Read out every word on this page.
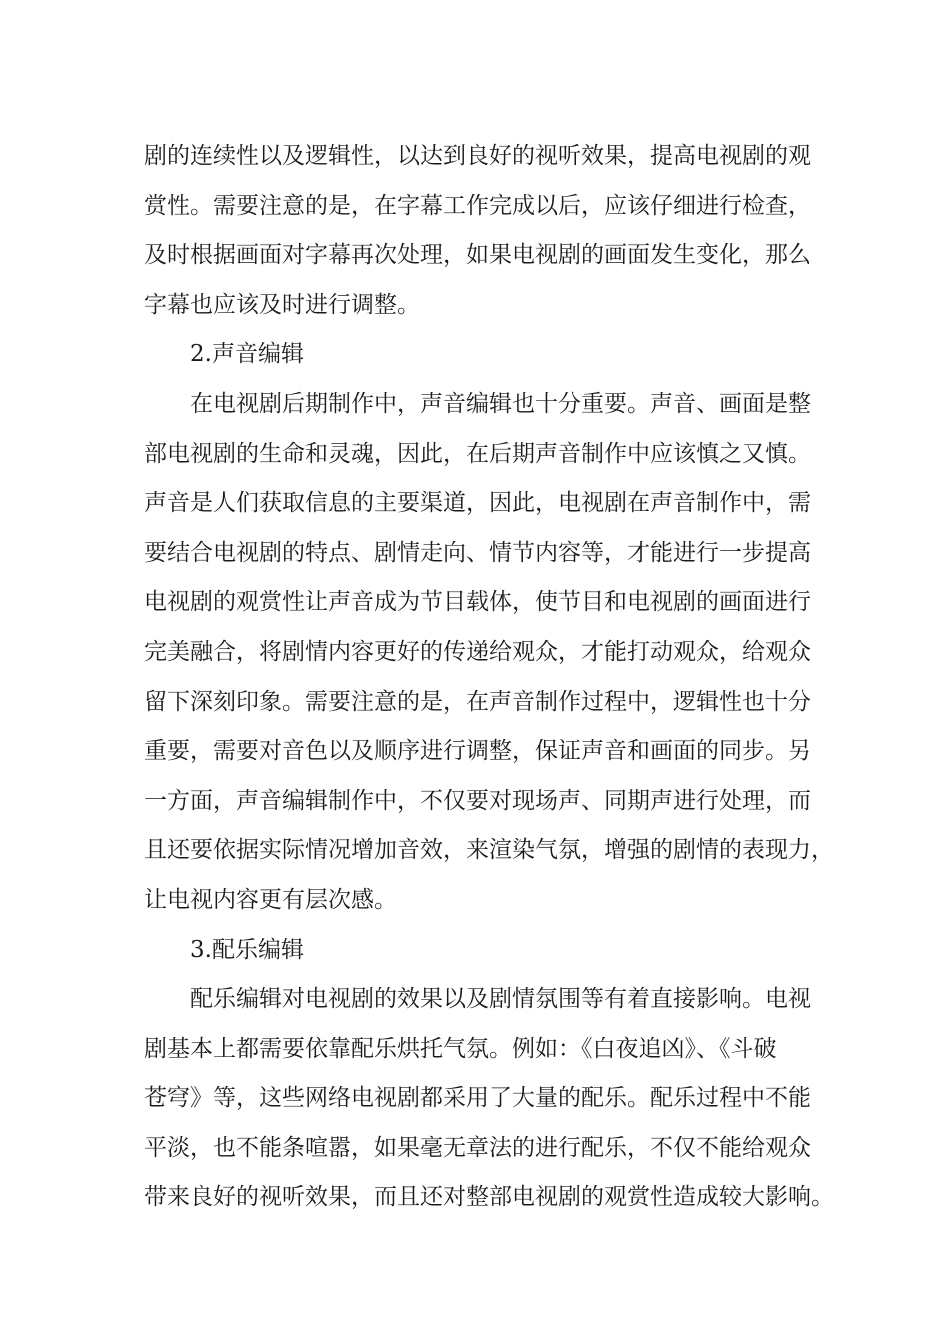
剧的连续性以及逻辑性，以达到良好的视听效果，提高电视剧的观
赏性。需要注意的是，在字幕工作完成以后，应该仔细进行检查，
及时根据画面对字幕再次处理，如果电视剧的画面发生变化，那么
字幕也应该及时进行调整。
2.声音编辑
在电视剧后期制作中，声音编辑也十分重要。声音、画面是整
部电视剧的生命和灵魂，因此，在后期声音制作中应该慎之又慎。
声音是人们获取信息的主要渠道，因此，电视剧在声音制作中，需
要结合电视剧的特点、剧情走向、情节内容等，才能进行一步提高
电视剧的观赏性让声音成为节目载体，使节目和电视剧的画面进行
完美融合，将剧情内容更好的传递给观众，才能打动观众，给观众
留下深刻印象。需要注意的是，在声音制作过程中，逻辑性也十分
重要，需要对音色以及顺序进行调整，保证声音和画面的同步。另
一方面，声音编辑制作中，不仅要对现场声、同期声进行处理，而
且还要依据实际情况增加音效，来渲染气氛，增强的剧情的表现力，
让电视内容更有层次感。
3.配乐编辑
配乐编辑对电视剧的效果以及剧情氛围等有着直接影响。电视
剧基本上都需要依靠配乐烘托气氛。例如：《白夜追凶》、《斗破
苍穹》等，这些网络电视剧都采用了大量的配乐。配乐过程中不能
平淡，也不能条喧嚣，如果毫无章法的进行配乐，不仅不能给观众
带来良好的视听效果，而且还对整部电视剧的观赏性造成较大影响。
